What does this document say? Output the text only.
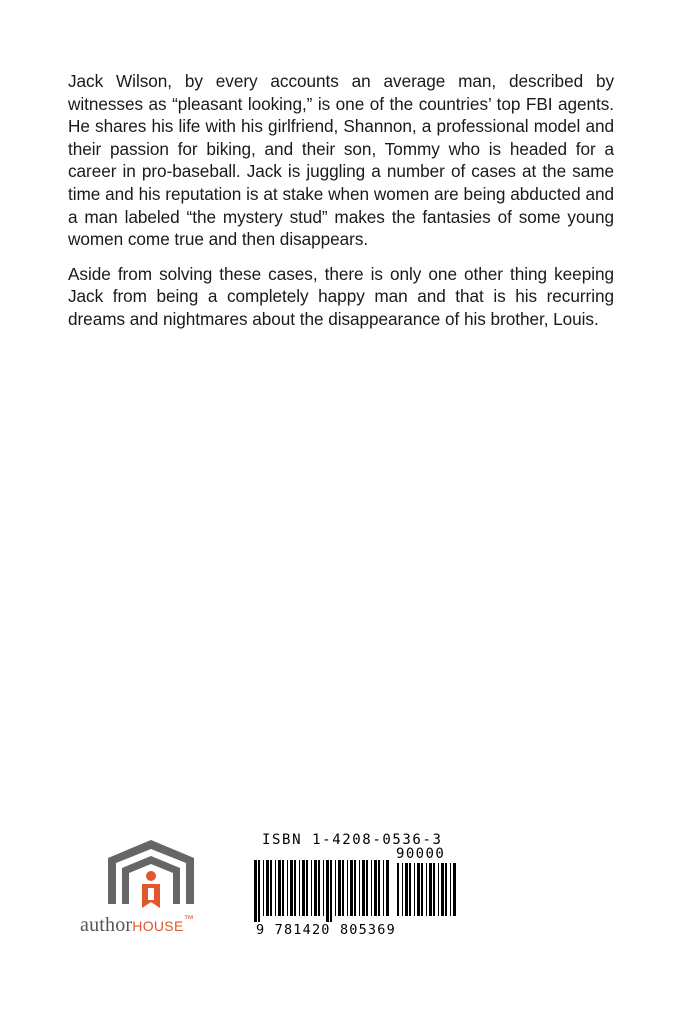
Jack Wilson, by every accounts an average man, described by witnesses as “pleasant looking,” is one of the countries’ top FBI agents. He shares his life with his girlfriend, Shannon, a professional model and their passion for biking, and their son, Tommy who is headed for a career in pro-baseball. Jack is juggling a number of cases at the same time and his reputation is at stake when women are being abducted and a man labeled “the mystery stud” makes the fantasies of some young women come true and then disappears.

Aside from solving these cases, there is only one other thing keeping Jack from being a completely happy man and that is his recurring dreams and nightmares about the disappearance of his brother, Louis.

authorHOUSE™
ISBN 1-4208-0536-3
90000
9 781420 805369
